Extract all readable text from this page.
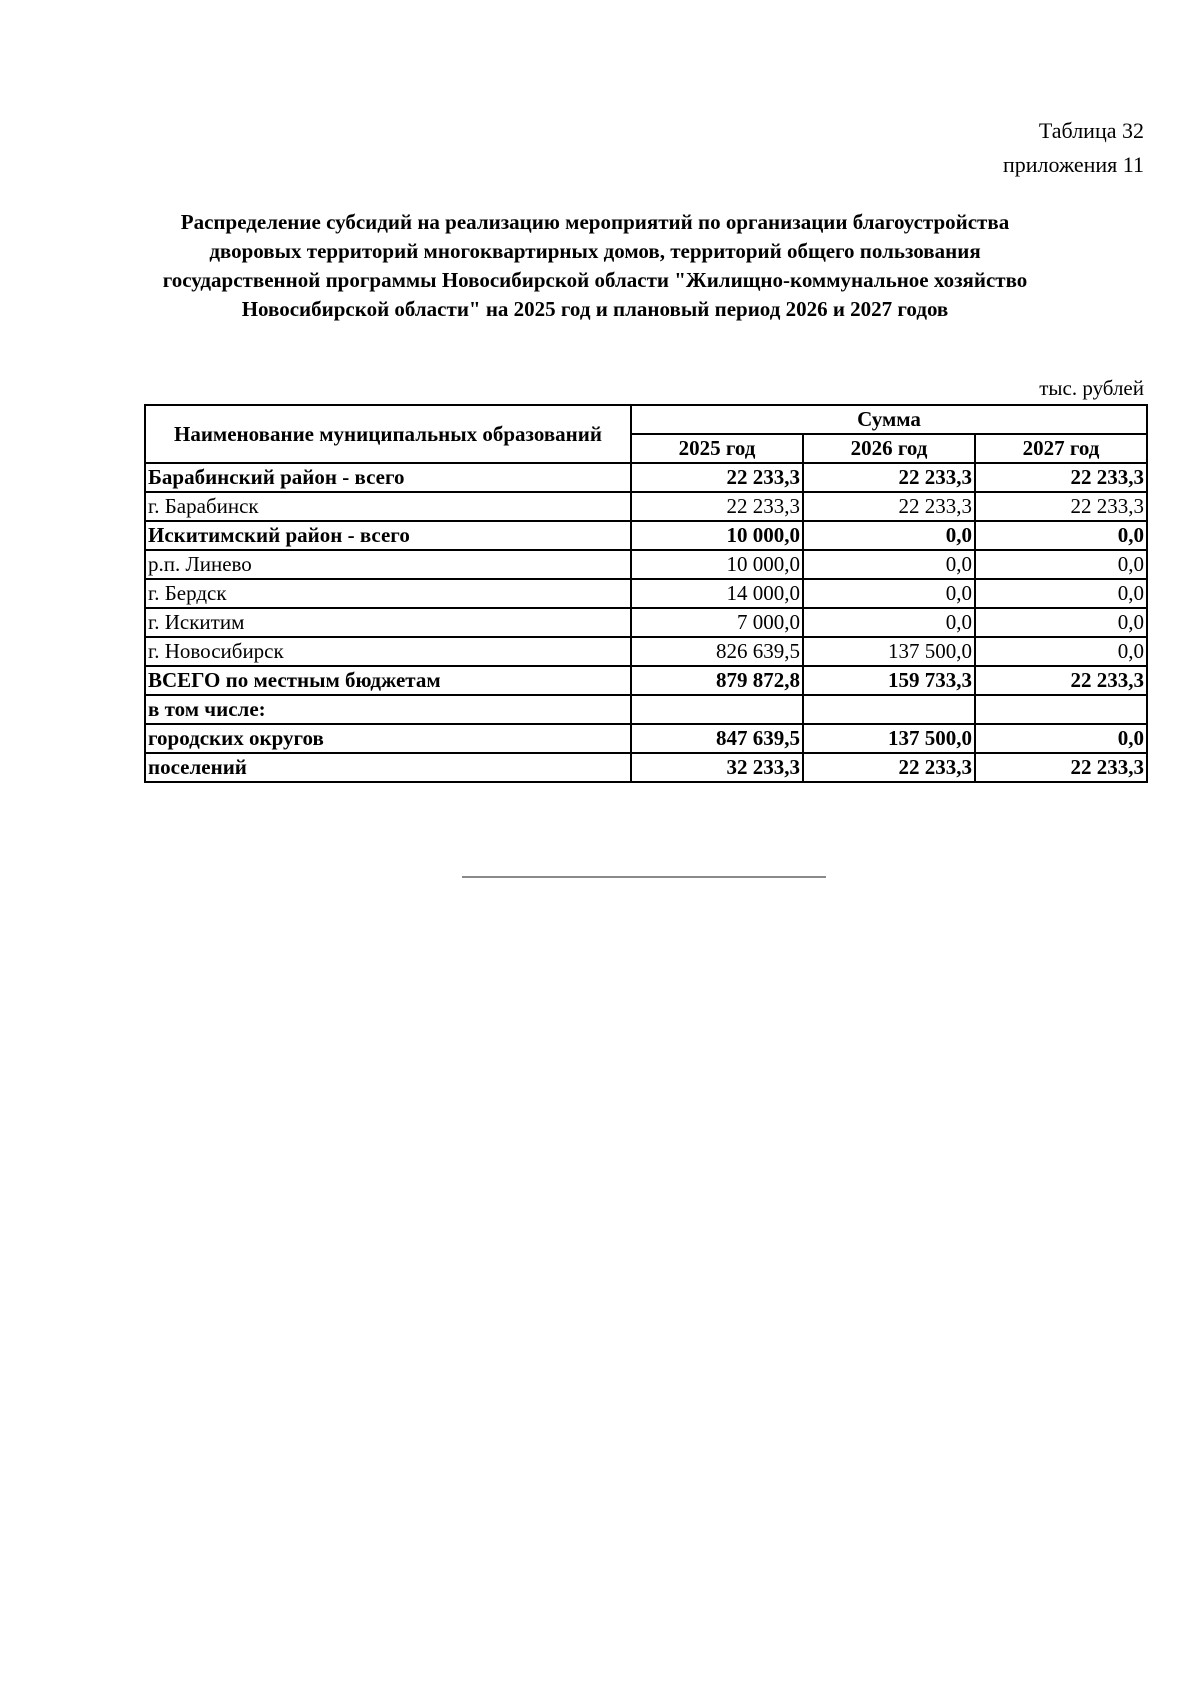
Таблица 32
приложения 11
Распределение субсидий на реализацию мероприятий по организации благоустройства
дворовых территорий многоквартирных домов, территорий общего пользования
государственной программы Новосибирской области "Жилищно-коммунальное хозяйство
Новосибирской области" на 2025 год и плановый период 2026 и 2027 годов
тыс. рублей
Наименование муниципальных образований	Сумма		
	2025 год	2026 год	2027 год
Барабинский район - всего	22 233,3	22 233,3	22 233,3
г. Барабинск	22 233,3	22 233,3	22 233,3
Искитимский район - всего	10 000,0	0,0	0,0
р.п. Линево	10 000,0	0,0	0,0
г. Бердск	14 000,0	0,0	0,0
г. Искитим	7 000,0	0,0	0,0
г. Новосибирск	826 639,5	137 500,0	0,0
ВСЕГО по местным бюджетам	879 872,8	159 733,3	22 233,3
в том числе:			
городских округов	847 639,5	137 500,0	0,0
поселений	32 233,3	22 233,3	22 233,3
